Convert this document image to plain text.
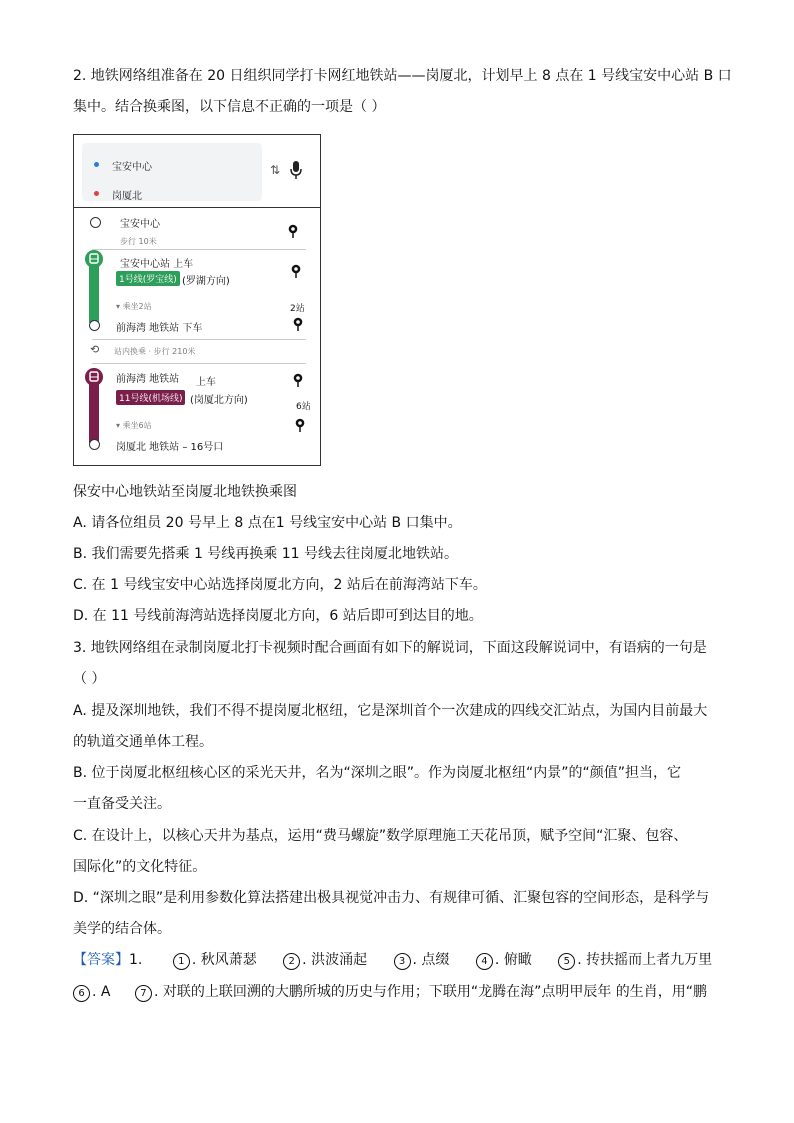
2. 地铁网络组准备在 20 日组织同学打卡网红地铁站——岗厦北，计划早上 8 点在 1 号线宝安中心站 B 口
集中。结合换乘图，以下信息不正确的一项是（ ）
宝安中心
岗厦北
⇅
宝安中心
步行 10米
宝安中心站 上车
1号线(罗宝线) (罗湖方向)
▾ 乘坐2站	2站
前海湾 地铁站 下车
⟲ 站内换乘 · 步行 210米
前海湾 地铁站 上车
11号线(机场线) (岗厦北方向)
6站
▾ 乘坐6站
岗厦北 地铁站 – 16号口
保安中心地铁站至岗厦北地铁换乘图
A. 请各位组员 20 号早上 8 点在1 号线宝安中心站 B 口集中。
B. 我们需要先搭乘 1 号线再换乘 11 号线去往岗厦北地铁站。
C. 在 1 号线宝安中心站选择岗厦北方向，2 站后在前海湾站下车。
D. 在 11 号线前海湾站选择岗厦北方向，6 站后即可到达目的地。
3. 地铁网络组在录制岗厦北打卡视频时配合画面有如下的解说词，下面这段解说词中，有语病的一句是
（ ）
A. 提及深圳地铁，我们不得不提岗厦北枢纽，它是深圳首个一次建成的四线交汇站点，为国内目前最大
的轨道交通单体工程。
B. 位于岗厦北枢纽核心区的采光天井，名为“深圳之眼”。作为岗厦北枢纽“内景”的“颜值”担当，它
一直备受关注。
C. 在设计上，以核心天井为基点，运用“费马螺旋”数学原理施工天花吊顶，赋予空间“汇聚、包容、
国际化”的文化特征。
D. “深圳之眼”是利用参数化算法搭建出极具视觉冲击力、有规律可循、汇聚包容的空间形态，是科学与
美学的结合体。
【答案】1.	1 . 秋风萧瑟	2 . 洪波涌起	3 . 点缀	4 . 俯瞰	5 . 抟扶摇而上者九万里
6 . A	7 . 对联的上联回溯的大鹏所城的历史与作用；下联用“龙腾在海”点明甲辰年 的生肖，用“鹏
